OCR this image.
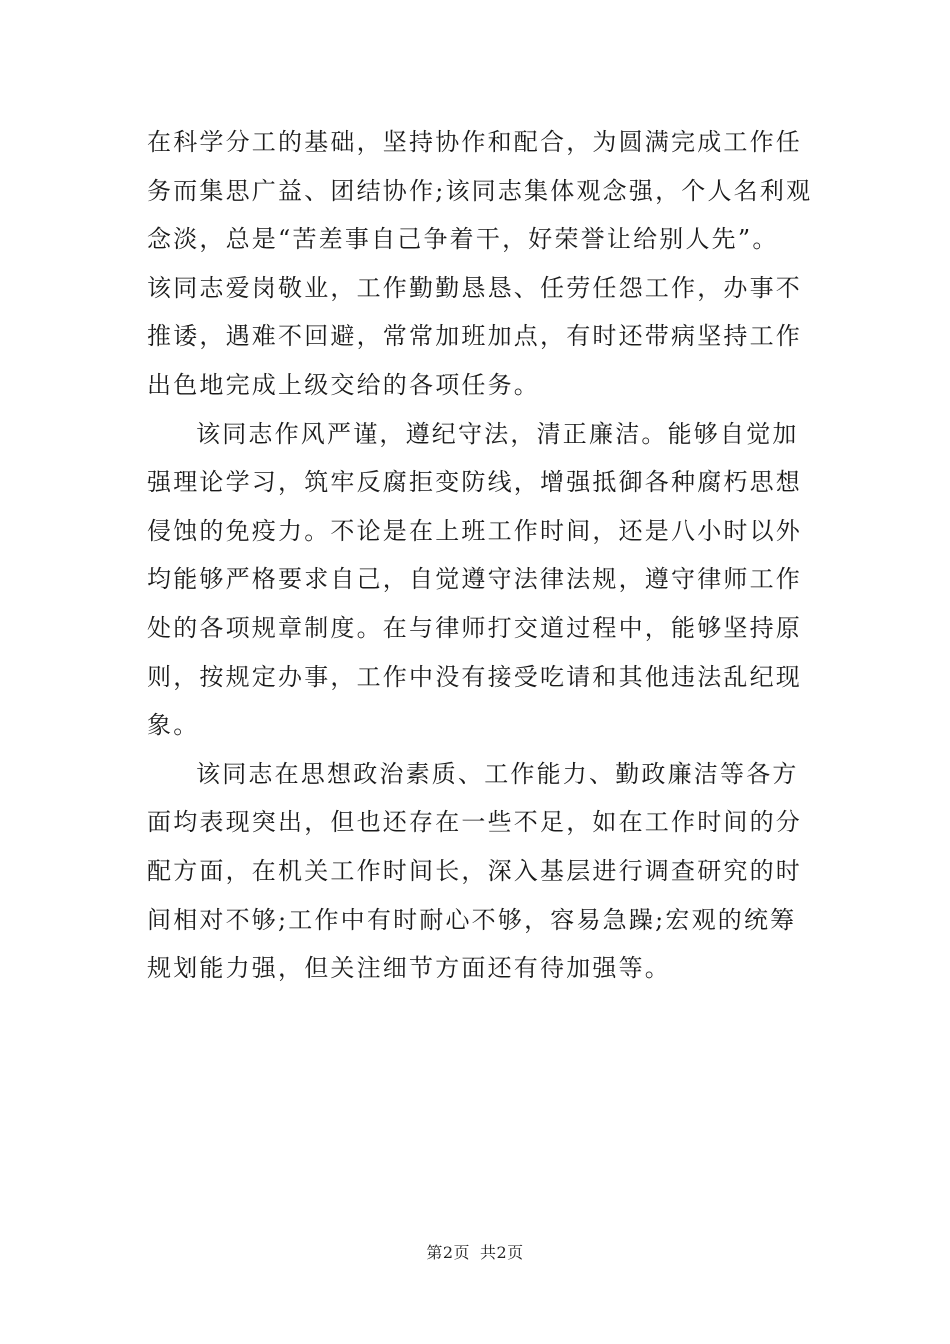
在科学分工的基础，坚持协作和配合，为圆满完成工作任
务而集思广益、团结协作;该同志集体观念强，个人名利观
念淡，总是“苦差事自己争着干，好荣誉让给别人先”。
该同志爱岗敬业，工作勤勤恳恳、任劳任怨工作，办事不
推诿，遇难不回避，常常加班加点，有时还带病坚持工作
出色地完成上级交给的各项任务。
该同志作风严谨，遵纪守法，清正廉洁。能够自觉加
强理论学习，筑牢反腐拒变防线，增强抵御各种腐朽思想
侵蚀的免疫力。不论是在上班工作时间，还是八小时以外
均能够严格要求自己，自觉遵守法律法规，遵守律师工作
处的各项规章制度。在与律师打交道过程中，能够坚持原
则，按规定办事，工作中没有接受吃请和其他违法乱纪现
象。
该同志在思想政治素质、工作能力、勤政廉洁等各方
面均表现突出，但也还存在一些不足，如在工作时间的分
配方面，在机关工作时间长，深入基层进行调查研究的时
间相对不够;工作中有时耐心不够，容易急躁;宏观的统筹
规划能力强，但关注细节方面还有待加强等。
第2页 共2页
